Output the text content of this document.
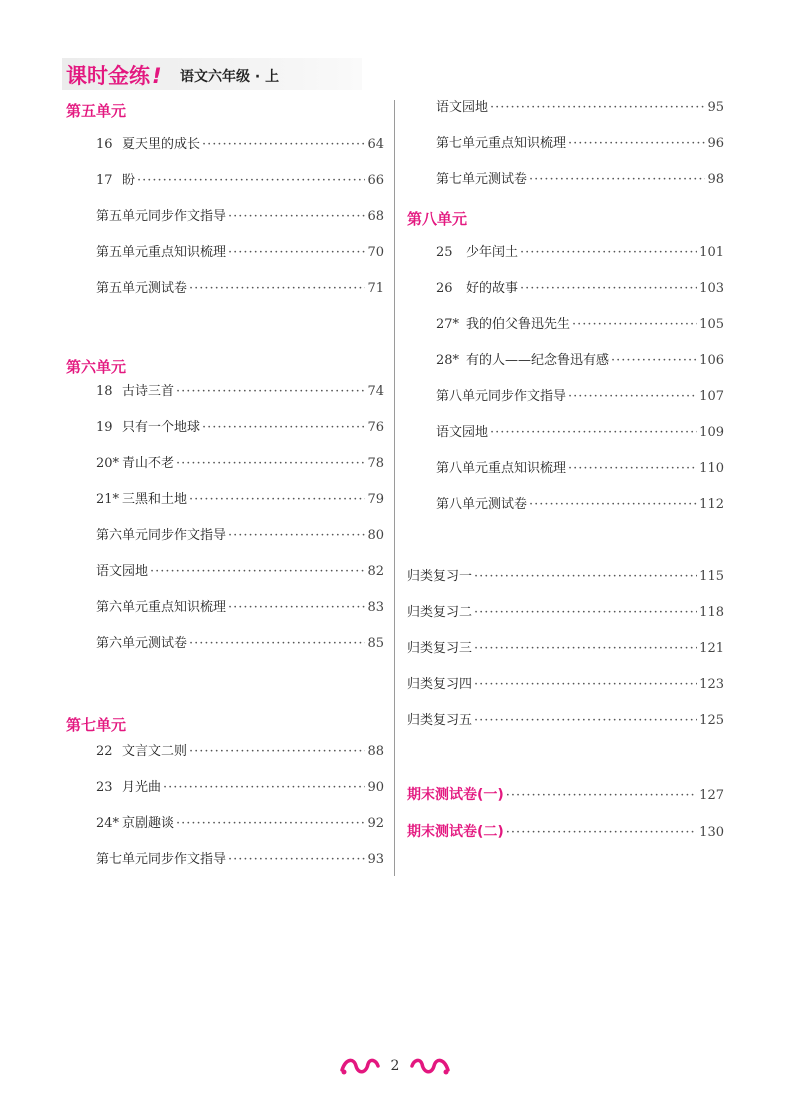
课时金练! 语文六年级 · 上
第五单元
16 夏天里的成长 ·····	64
17 盼 ·····	66
第五单元同步作文指导 ·····	68
第五单元重点知识梳理 ·····	70
第五单元测试卷 ·····	71
第六单元
18 古诗三首 ·····	74
19 只有一个地球 ·····	76
20* 青山不老 ·····	78
21* 三黑和土地 ·····	79
第六单元同步作文指导 ·····	80
语文园地 ·····	82
第六单元重点知识梳理 ·····	83
第六单元测试卷 ·····	85
第七单元
22 文言文二则 ·····	88
23 月光曲 ·····	90
24* 京剧趣谈 ·····	92
第七单元同步作文指导 ·····	93
语文园地 ·····	95
第七单元重点知识梳理 ·····	96
第七单元测试卷 ·····	98
第八单元
25	少年闰土 ·····	101
26	好的故事 ·····	103
27* 我的伯父鲁迅先生 ·····	105
28* 有的人——纪念鲁迅有感 ·····	106
第八单元同步作文指导 ·····	107
语文园地 ·····	109
第八单元重点知识梳理 ·····	110
第八单元测试卷 ·····	112
归类复习一 ·····	115
归类复习二 ·····	118
归类复习三 ·····	121
归类复习四 ·····	123
归类复习五 ·····	125
期末测试卷(一) ·····	127
期末测试卷(二) ·····	130
2
